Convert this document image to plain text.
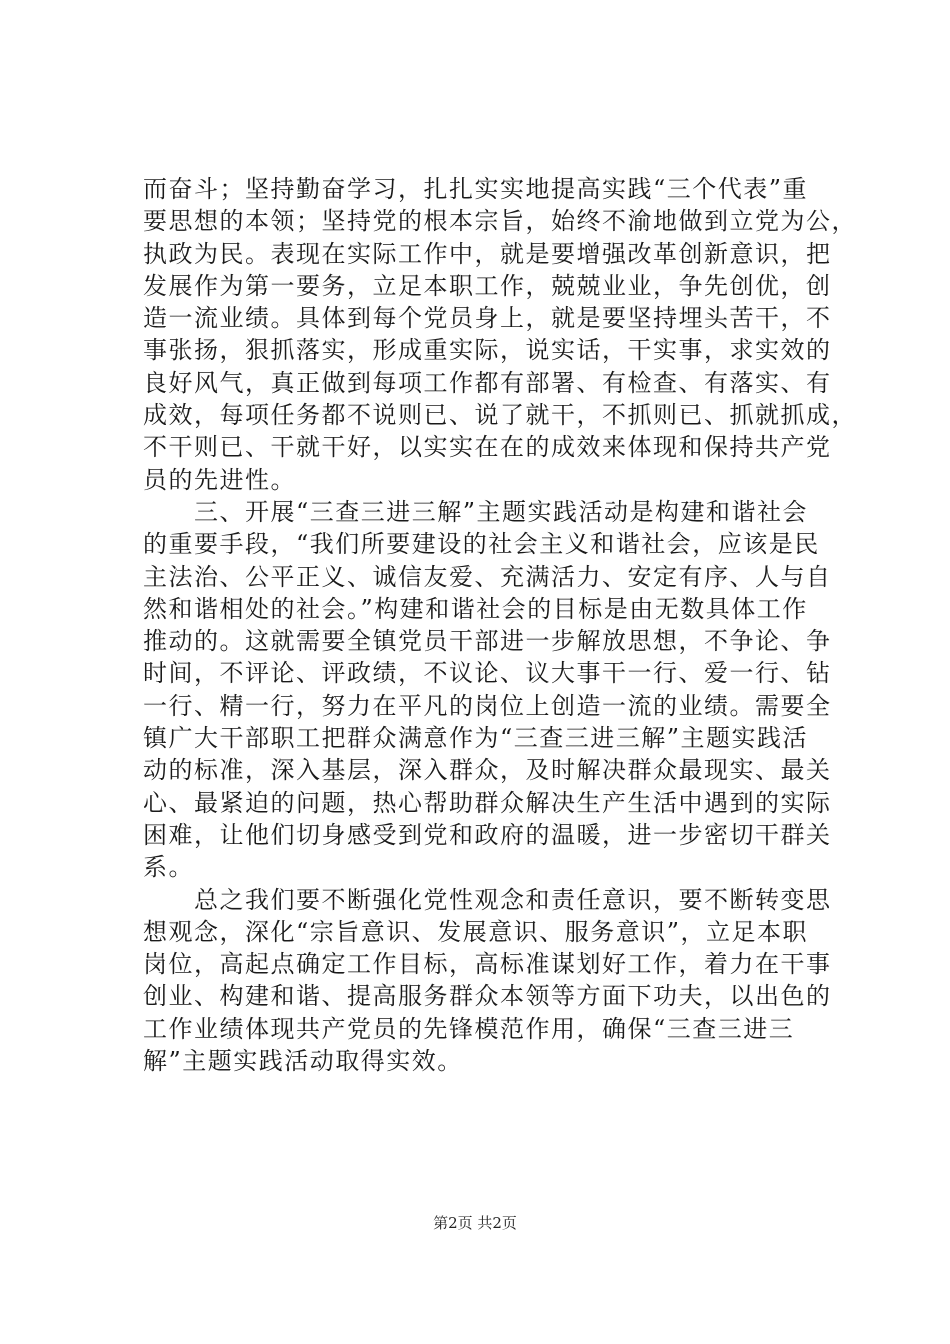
而奋斗；坚持勤奋学习，扎扎实实地提高实践“三个代表”重
要思想的本领；坚持党的根本宗旨，始终不渝地做到立党为公，
执政为民。表现在实际工作中，就是要增强改革创新意识，把
发展作为第一要务，立足本职工作，兢兢业业，争先创优，创
造一流业绩。具体到每个党员身上，就是要坚持埋头苦干，不
事张扬，狠抓落实，形成重实际，说实话，干实事，求实效的
良好风气，真正做到每项工作都有部署、有检查、有落实、有
成效，每项任务都不说则已、说了就干，不抓则已、抓就抓成，
不干则已、干就干好，以实实在在的成效来体现和保持共产党
员的先进性。
　　三、开展“三查三进三解”主题实践活动是构建和谐社会
的重要手段，“我们所要建设的社会主义和谐社会，应该是民
主法治、公平正义、诚信友爱、充满活力、安定有序、人与自
然和谐相处的社会。”构建和谐社会的目标是由无数具体工作
推动的。这就需要全镇党员干部进一步解放思想，不争论、争
时间，不评论、评政绩，不议论、议大事干一行、爱一行、钻
一行、精一行，努力在平凡的岗位上创造一流的业绩。需要全
镇广大干部职工把群众满意作为“三查三进三解”主题实践活
动的标准，深入基层，深入群众，及时解决群众最现实、最关
心、最紧迫的问题，热心帮助群众解决生产生活中遇到的实际
困难，让他们切身感受到党和政府的温暖，进一步密切干群关
系。
　　总之我们要不断强化党性观念和责任意识，要不断转变思
想观念，深化“宗旨意识、发展意识、服务意识”，立足本职
岗位，高起点确定工作目标，高标准谋划好工作，着力在干事
创业、构建和谐、提高服务群众本领等方面下功夫，以出色的
工作业绩体现共产党员的先锋模范作用，确保“三查三进三
解”主题实践活动取得实效。
第2页 共2页
